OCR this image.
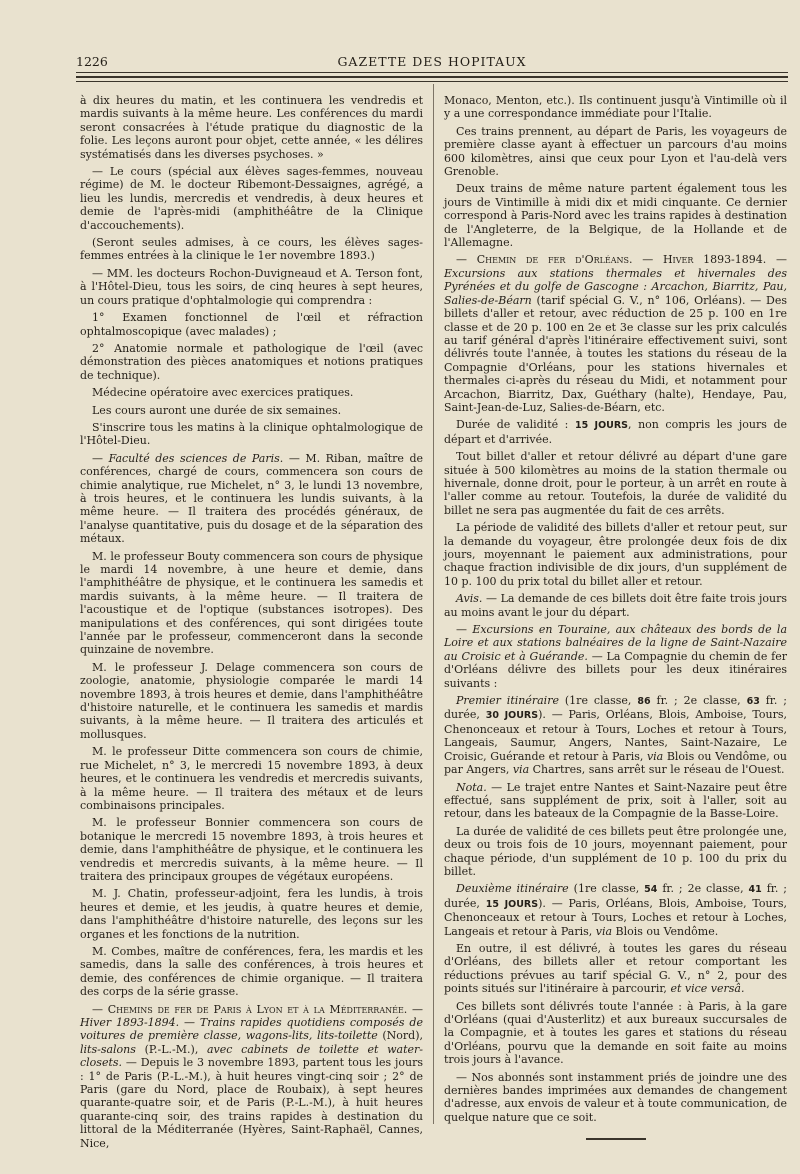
1226	GAZETTE DES HOPITAUX

à dix heures du matin, et les continuera les vendredis et mardis suivants à la même heure. Les conférences du mardi seront consacrées à l'étude pratique du diagnostic de la folie. Les leçons auront pour objet, cette année, « les délires systématisés dans les diverses psychoses. »

— Le cours (spécial aux élèves sages-femmes, nouveau régime) de M. le docteur Ribemont-Dessaignes, agrégé, a lieu les lundis, mercredis et vendredis, à deux heures et demie de l'après-midi (amphithéâtre de la Clinique d'accouchements).

(Seront seules admises, à ce cours, les élèves sages-femmes entrées à la clinique le 1er novembre 1893.)

— MM. les docteurs Rochon-Duvigneaud et A. Terson font, à l'Hôtel-Dieu, tous les soirs, de cinq heures à sept heures, un cours pratique d'ophtalmologie qui comprendra :

1° Examen fonctionnel de l'œil et réfraction ophtalmoscopique (avec malades) ;

2° Anatomie normale et pathologique de l'œil (avec démonstration des pièces anatomiques et notions pratiques de technique).

Médecine opératoire avec exercices pratiques.

Les cours auront une durée de six semaines.

S'inscrire tous les matins à la clinique ophtalmologique de l'Hôtel-Dieu.

— Faculté des sciences de Paris. — M. Riban, maître de conférences, chargé de cours, commencera son cours de chimie analytique, rue Michelet, n° 3, le lundi 13 novembre, à trois heures, et le continuera les lundis suivants, à la même heure. — Il traitera des procédés généraux, de l'analyse quantitative, puis du dosage et de la séparation des métaux.

M. le professeur Bouty commencera son cours de physique le mardi 14 novembre, à une heure et demie, dans l'amphithéâtre de physique, et le continuera les samedis et mardis suivants, à la même heure. — Il traitera de l'acoustique et de l'optique (substances isotropes). Des manipulations et des conférences, qui sont dirigées toute l'année par le professeur, commenceront dans la seconde quinzaine de novembre.

M. le professeur J. Delage commencera son cours de zoologie, anatomie, physiologie comparée le mardi 14 novembre 1893, à trois heures et demie, dans l'amphithéâtre d'histoire naturelle, et le continuera les samedis et mardis suivants, à la même heure. — Il traitera des articulés et mollusques.

M. le professeur Ditte commencera son cours de chimie, rue Michelet, n° 3, le mercredi 15 novembre 1893, à deux heures, et le continuera les vendredis et mercredis suivants, à la même heure. — Il traitera des métaux et de leurs combinaisons principales.

M. le professeur Bonnier commencera son cours de botanique le mercredi 15 novembre 1893, à trois heures et demie, dans l'amphithéâtre de physique, et le continuera les vendredis et mercredis suivants, à la même heure. — Il traitera des principaux groupes de végétaux européens.

M. J. Chatin, professeur-adjoint, fera les lundis, à trois heures et demie, et les jeudis, à quatre heures et demie, dans l'amphithéâtre d'histoire naturelle, des leçons sur les organes et les fonctions de la nutrition.

M. Combes, maître de conférences, fera, les mardis et les samedis, dans la salle des conférences, à trois heures et demie, des conférences de chimie organique. — Il traitera des corps de la série grasse.

— Chemins de fer de Paris à Lyon et à la Méditerranée. — Hiver 1893-1894. — Trains rapides quotidiens composés de voitures de première classe, wagons-lits, lits-toilette (Nord), lits-salons (P.-L.-M.), avec cabinets de toilette et water-closets. — Depuis le 3 novembre 1893, partent tous les jours : 1° de Paris (P.-L.-M.), à huit heures vingt-cinq soir ; 2° de Paris (gare du Nord, place de Roubaix), à sept heures quarante-quatre soir, et de Paris (P.-L.-M.), à huit heures quarante-cinq soir, des trains rapides à destination du littoral de la Méditerranée (Hyères, Saint-Raphaël, Cannes, Nice,

Monaco, Menton, etc.). Ils continuent jusqu'à Vintimille où il y a une correspondance immédiate pour l'Italie.

Ces trains prennent, au départ de Paris, les voyageurs de première classe ayant à effectuer un parcours d'au moins 600 kilomètres, ainsi que ceux pour Lyon et l'au-delà vers Grenoble.

Deux trains de même nature partent également tous les jours de Vintimille à midi dix et midi cinquante. Ce dernier correspond à Paris-Nord avec les trains rapides à destination de l'Angleterre, de la Belgique, de la Hollande et de l'Allemagne.

— Chemin de fer d'Orléans. — Hiver 1893-1894. — Excursions aux stations thermales et hivernales des Pyrénées et du golfe de Gascogne : Arcachon, Biarritz, Pau, Salies-de-Béarn (tarif spécial G. V., n° 106, Orléans). — Des billets d'aller et retour, avec réduction de 25 p. 100 en 1re classe et de 20 p. 100 en 2e et 3e classe sur les prix calculés au tarif général d'après l'itinéraire effectivement suivi, sont délivrés toute l'année, à toutes les stations du réseau de la Compagnie d'Orléans, pour les stations hivernales et thermales ci-après du réseau du Midi, et notamment pour Arcachon, Biarritz, Dax, Guéthary (halte), Hendaye, Pau, Saint-Jean-de-Luz, Salies-de-Béarn, etc.

Durée de validité : 15 JOURS, non compris les jours de départ et d'arrivée.

Tout billet d'aller et retour délivré au départ d'une gare située à 500 kilomètres au moins de la station thermale ou hivernale, donne droit, pour le porteur, à un arrêt en route à l'aller comme au retour. Toutefois, la durée de validité du billet ne sera pas augmentée du fait de ces arrêts.

La période de validité des billets d'aller et retour peut, sur la demande du voyageur, être prolongée deux fois de dix jours, moyennant le paiement aux administrations, pour chaque fraction indivisible de dix jours, d'un supplément de 10 p. 100 du prix total du billet aller et retour.

Avis. — La demande de ces billets doit être faite trois jours au moins avant le jour du départ.

— Excursions en Touraine, aux châteaux des bords de la Loire et aux stations balnéaires de la ligne de Saint-Nazaire au Croisic et à Guérande. — La Compagnie du chemin de fer d'Orléans délivre des billets pour les deux itinéraires suivants :

Premier itinéraire (1re classe, 86 fr. ; 2e classe, 63 fr. ; durée, 30 JOURS). — Paris, Orléans, Blois, Amboise, Tours, Chenonceaux et retour à Tours, Loches et retour à Tours, Langeais, Saumur, Angers, Nantes, Saint-Nazaire, Le Croisic, Guérande et retour à Paris, via Blois ou Vendôme, ou par Angers, via Chartres, sans arrêt sur le réseau de l'Ouest.

Nota. — Le trajet entre Nantes et Saint-Nazaire peut être effectué, sans supplément de prix, soit à l'aller, soit au retour, dans les bateaux de la Compagnie de la Basse-Loire.

La durée de validité de ces billets peut être prolongée une, deux ou trois fois de 10 jours, moyennant paiement, pour chaque période, d'un supplément de 10 p. 100 du prix du billet.

Deuxième itinéraire (1re classe, 54 fr. ; 2e classe, 41 fr. ; durée, 15 JOURS). — Paris, Orléans, Blois, Amboise, Tours, Chenonceaux et retour à Tours, Loches et retour à Loches, Langeais et retour à Paris, via Blois ou Vendôme.

En outre, il est délivré, à toutes les gares du réseau d'Orléans, des billets aller et retour comportant les réductions prévues au tarif spécial G. V., n° 2, pour des points situés sur l'itinéraire à parcourir, et vice versâ.

Ces billets sont délivrés toute l'année : à Paris, à la gare d'Orléans (quai d'Austerlitz) et aux bureaux succursales de la Compagnie, et à toutes les gares et stations du réseau d'Orléans, pourvu que la demande en soit faite au moins trois jours à l'avance.

— Nos abonnés sont instamment priés de joindre une des dernières bandes imprimées aux demandes de changement d'adresse, aux envois de valeur et à toute communication, de quelque nature que ce soit.
